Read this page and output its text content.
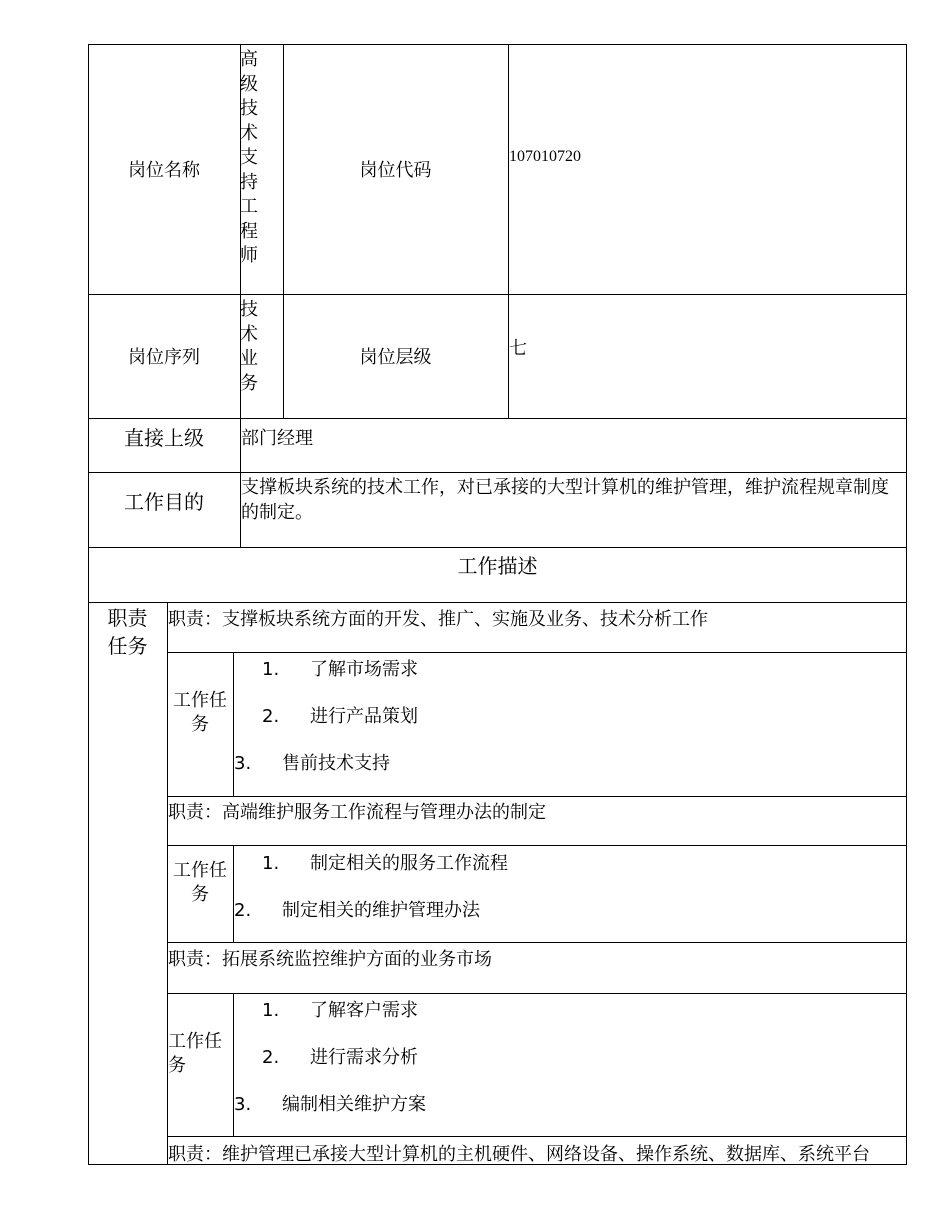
岗位名称
高级技术支持工程师
岗位代码
107010720
岗位序列
技术业务
岗位层级	七
直接上级	部门经理
工作目的
支撑板块系统的技术工作，对已承接的大型计算机的维护管理，维护流程规章制度的制定。
工作描述
职责任务
职责：支撑板块系统方面的开发、推广、实施及业务、技术分析工作
工作任务
1. 了解市场需求
2. 进行产品策划
3. 售前技术支持
职责：高端维护服务工作流程与管理办法的制定
工作任务
1. 制定相关的服务工作流程
2. 制定相关的维护管理办法
职责：拓展系统监控维护方面的业务市场
工作任务
1. 了解客户需求
2. 进行需求分析
3. 编制相关维护方案
职责：维护管理已承接大型计算机的主机硬件、网络设备、操作系统、数据库、系统平台
